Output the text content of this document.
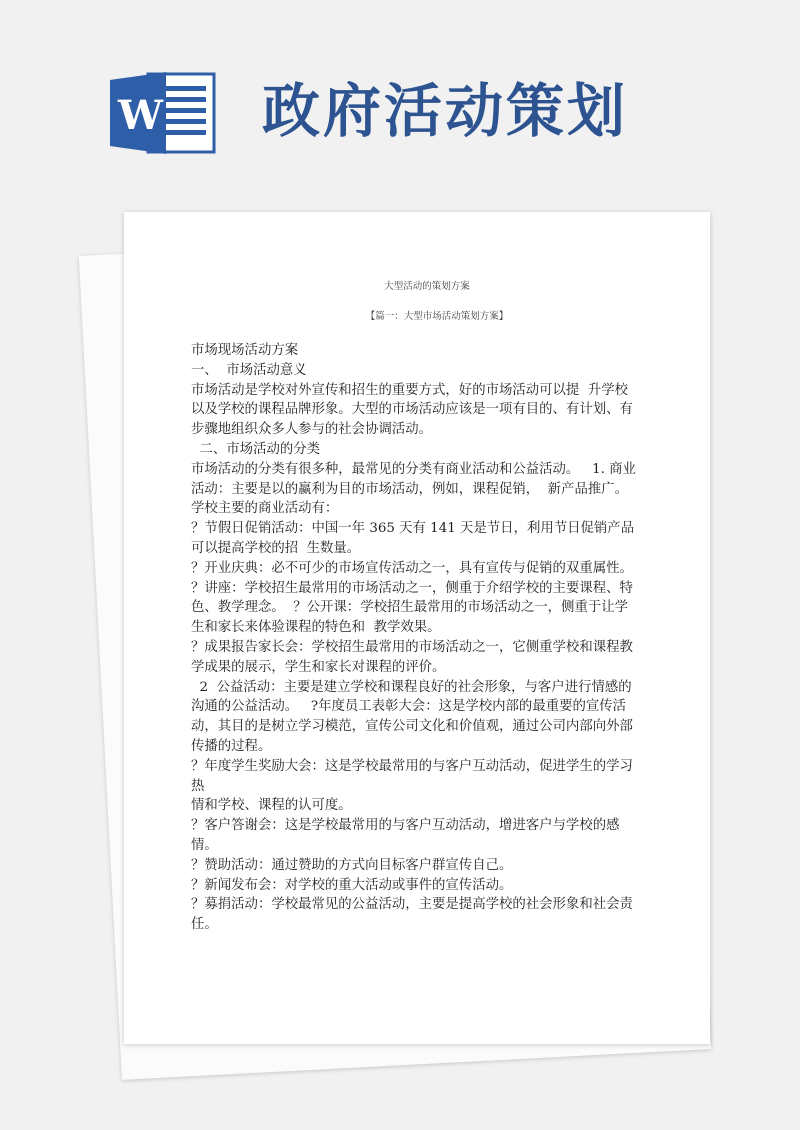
W 政府活动策划
大型活动的策划方案
【篇一：大型市场活动策划方案】

市场现场活动方案

一、  市场活动意义

市场活动是学校对外宣传和招生的重要方式，好的市场活动可以提  升学校以及学校的课程品牌形象。大型的市场活动应该是一项有目的、有计划、有步骤地组织众多人参与的社会协调活动。

二、市场活动的分类

市场活动的分类有很多种，最常见的分类有商业活动和公益活动。   1. 商业活动：主要是以的赢利为目的市场活动，例如，课程促销，  新产品推广。

学校主要的商业活动有：

？节假日促销活动：中国一年 365 天有 141 天是节日，利用节日促销产品可以提高学校的招  生数量。

？开业庆典：必不可少的市场宣传活动之一，具有宣传与促销的双重属性。

？讲座：学校招生最常用的市场活动之一，侧重于介绍学校的主要课程、特色、教学理念。  ？公开课：学校招生最常用的市场活动之一，侧重于让学生和家长来体验课程的特色和  教学效果。

？成果报告家长会：学校招生最常用的市场活动之一，它侧重学校和课程教学成果的展示，学生和家长对课程的评价。

2  公益活动：主要是建立学校和课程良好的社会形象，与客户进行情感的沟通的公益活动。   ?年度员工表彰大会：这是学校内部的最重要的宣传活动，其目的是树立学习模范，宣传公司文化和价值观，通过公司内部向外部传播的过程。

？年度学生奖励大会：这是学校最常用的与客户互动活动，促进学生的学习热

情和学校、课程的认可度。

？客户答谢会：这是学校最常用的与客户互动活动，增进客户与学校的感情。

？赞助活动：通过赞助的方式向目标客户群宣传自己。

？新闻发布会：对学校的重大活动或事件的宣传活动。

？募捐活动：学校最常见的公益活动，主要是提高学校的社会形象和社会责任。
